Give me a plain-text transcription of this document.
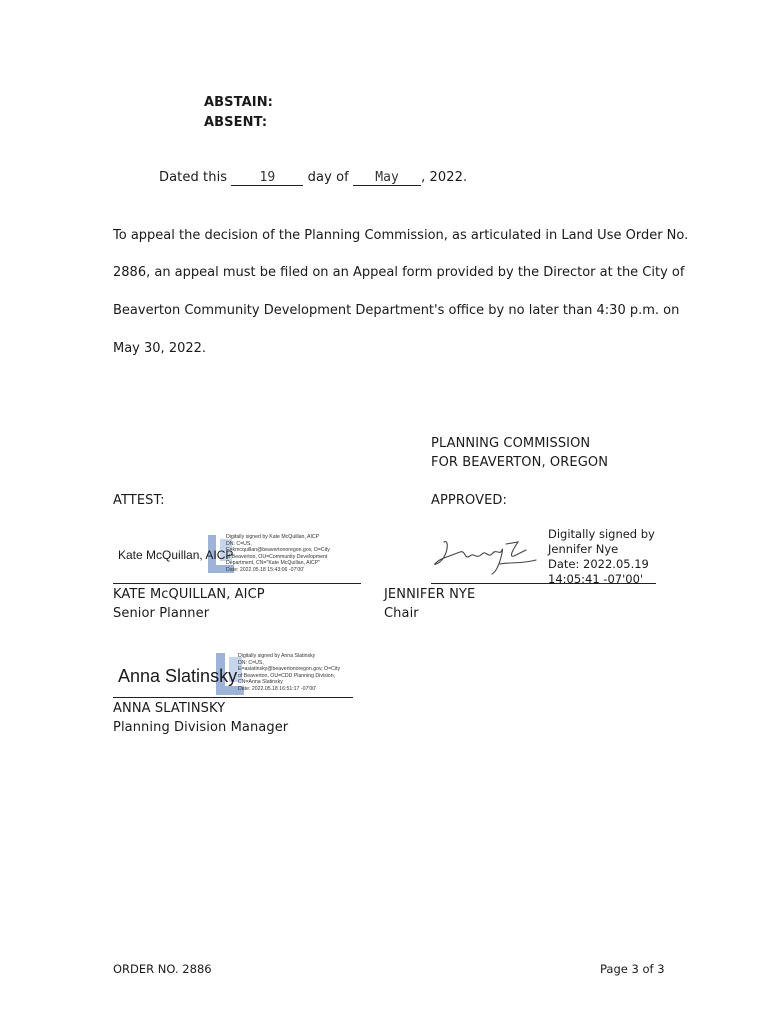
ABSTAIN:
ABSENT:
Dated this 19 day of May , 2022.
To appeal the decision of the Planning Commission, as articulated in Land Use Order No.
2886, an appeal must be filed on an Appeal form provided by the Director at the City of
Beaverton Community Development Department's office by no later than 4:30 p.m. on
May 30, 2022.
PLANNING COMMISSION
FOR BEAVERTON, OREGON
ATTEST:	APPROVED:
Kate McQuillan, AICP
Digitally signed by Kate McQuillan, AICP
DN: C=US,
E=kmcquillan@beavertonoregon.gov, O=City
of Beaverton, OU=Community Development
Department, CN="Kate McQuillan, AICP"
Date: 2022.05.18 15:43:06 -07'00'
KATE McQUILLAN, AICP
Senior Planner
Digitally signed by
Jennifer Nye
Date: 2022.05.19
14:05:41 -07'00'
JENNIFER NYE
Chair
Anna Slatinsky
Digitally signed by Anna Slatinsky
DN: C=US,
E=aslatinsky@beavertonoregon.gov, O=City
of Beaverton, OU=CDD Planning Division,
CN=Anna Slatinsky
Date: 2022.05.18 16:51:17 -07'00'
ANNA SLATINSKY
Planning Division Manager
ORDER NO. 2886	Page 3 of 3
